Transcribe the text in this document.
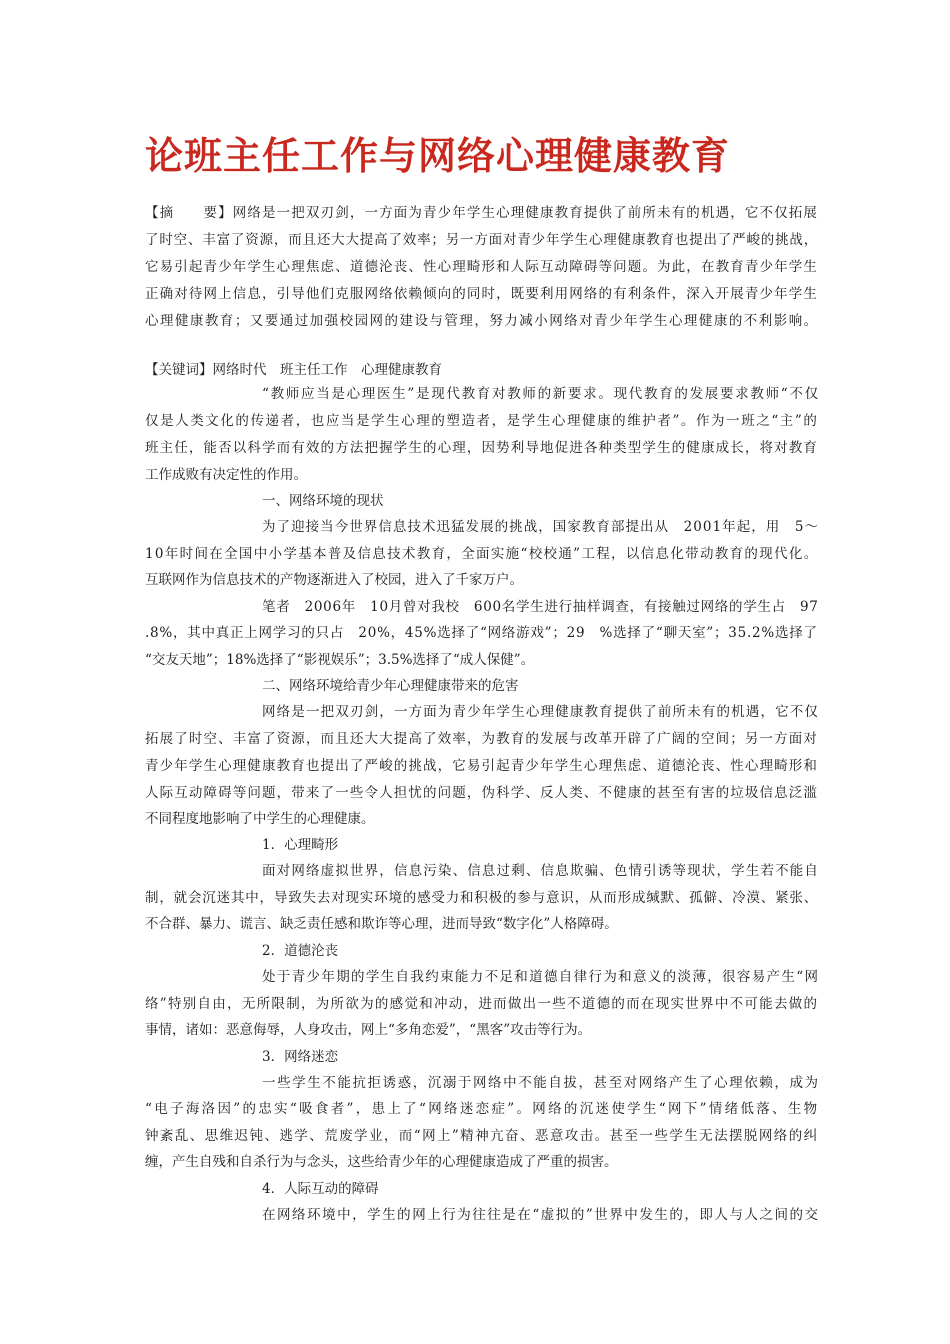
论班主任工作与网络心理健康教育
【摘　　要】网络是一把双刃剑，一方面为青少年学生心理健康教育提供了前所未有的机遇，它不仅拓展
了时空、丰富了资源，而且还大大提高了效率；另一方面对青少年学生心理健康教育也提出了严峻的挑战，
它易引起青少年学生心理焦虑、道德沦丧、性心理畸形和人际互动障碍等问题。为此，在教育青少年学生
正确对待网上信息，引导他们克服网络依赖倾向的同时，既要利用网络的有利条件，深入开展青少年学生
心理健康教育；又要通过加强校园网的建设与管理，努力减小网络对青少年学生心理健康的不利影响。
【关键词】网络时代　班主任工作　心理健康教育
“教师应当是心理医生”是现代教育对教师的新要求。现代教育的发展要求教师“不仅
仅是人类文化的传递者，也应当是学生心理的塑造者，是学生心理健康的维护者”。作为一班之“主”的
班主任，能否以科学而有效的方法把握学生的心理，因势利导地促进各种类型学生的健康成长，将对教育
工作成败有决定性的作用。
一、网络环境的现状
为了迎接当今世界信息技术迅猛发展的挑战，国家教育部提出从　2001年起，用　5～
10年时间在全国中小学基本普及信息技术教育，全面实施“校校通”工程，以信息化带动教育的现代化。
互联网作为信息技术的产物逐渐进入了校园，进入了千家万户。
笔者　2006年　10月曾对我校　600名学生进行抽样调查，有接触过网络的学生占　97
.8%，其中真正上网学习的只占　20%，45%选择了“网络游戏”；29　%选择了“聊天室”；35.2%选择了
“交友天地”；18%选择了“影视娱乐”；3.5%选择了“成人保健”。
二、网络环境给青少年心理健康带来的危害
网络是一把双刃剑，一方面为青少年学生心理健康教育提供了前所未有的机遇，它不仅
拓展了时空、丰富了资源，而且还大大提高了效率，为教育的发展与改革开辟了广阔的空间；另一方面对
青少年学生心理健康教育也提出了严峻的挑战，它易引起青少年学生心理焦虑、道德沦丧、性心理畸形和
人际互动障碍等问题，带来了一些令人担忧的问题，伪科学、反人类、不健康的甚至有害的垃圾信息泛滥
不同程度地影响了中学生的心理健康。
1．心理畸形
面对网络虚拟世界，信息污染、信息过剩、信息欺骗、色情引诱等现状，学生若不能自
制，就会沉迷其中，导致失去对现实环境的感受力和积极的参与意识，从而形成缄默、孤僻、冷漠、紧张、
不合群、暴力、谎言、缺乏责任感和欺诈等心理，进而导致“数字化”人格障碍。
2．道德沦丧
处于青少年期的学生自我约束能力不足和道德自律行为和意义的淡薄，很容易产生“网
络”特别自由，无所限制，为所欲为的感觉和冲动，进而做出一些不道德的而在现实世界中不可能去做的
事情，诸如：恶意侮辱，人身攻击，网上“多角恋爱”，“黑客”攻击等行为。
3．网络迷恋
一些学生不能抗拒诱惑，沉溺于网络中不能自拔，甚至对网络产生了心理依赖，成为
“电子海洛因”的忠实“吸食者”，患上了“网络迷恋症”。网络的沉迷使学生“网下”情绪低落、生物
钟紊乱、思维迟钝、逃学、荒废学业，而“网上”精神亢奋、恶意攻击。甚至一些学生无法摆脱网络的纠
缠，产生自残和自杀行为与念头，这些给青少年的心理健康造成了严重的损害。
4．人际互动的障碍
在网络环境中，学生的网上行为往往是在“虚拟的”世界中发生的，即人与人之间的交
